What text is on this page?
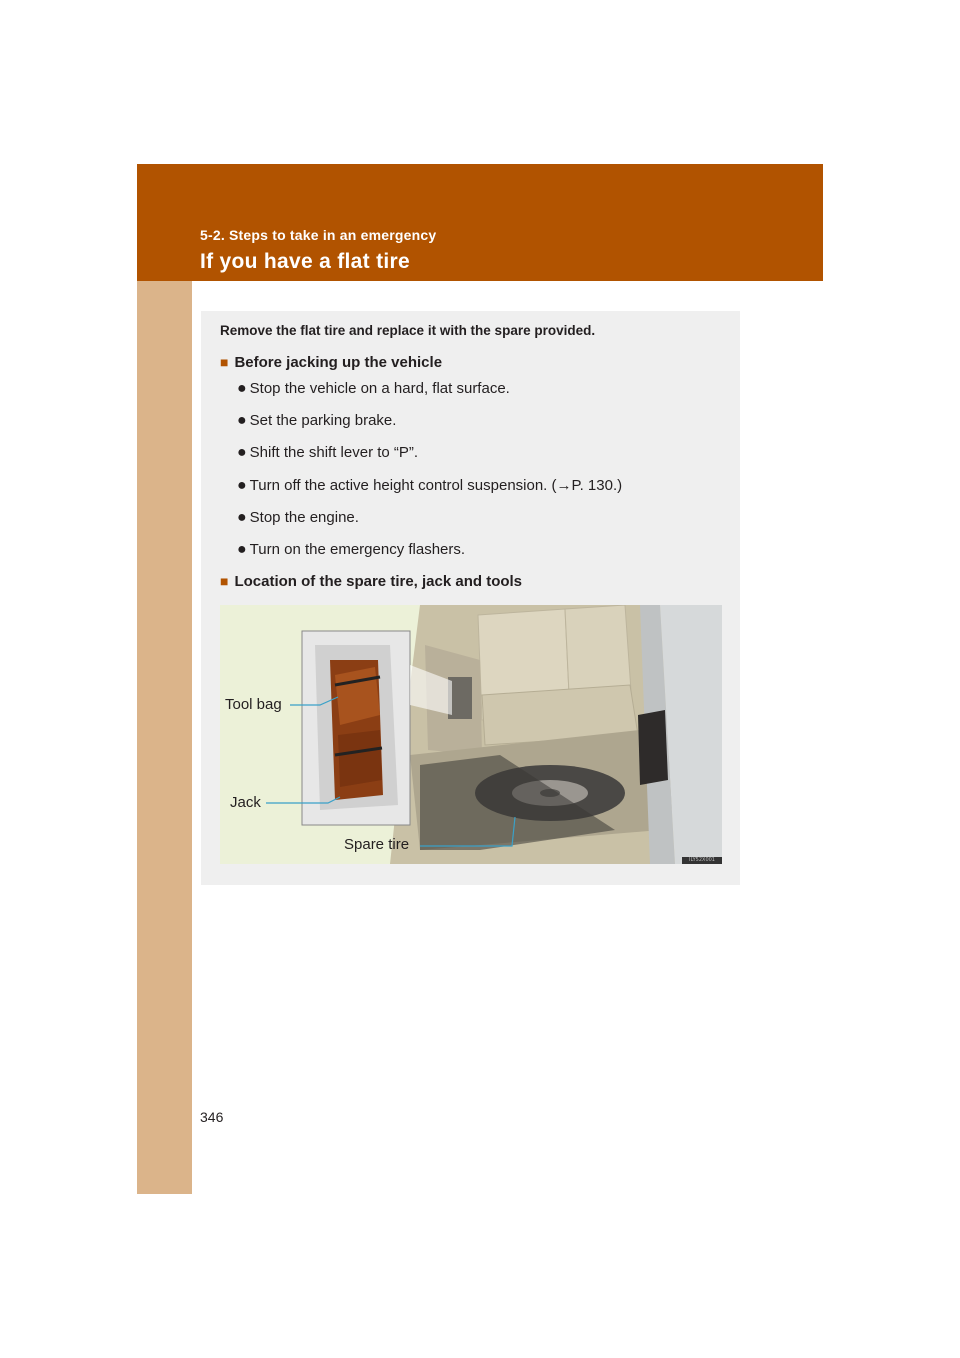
5-2. Steps to take in an emergency
If you have a flat tire
346
Remove the flat tire and replace it with the spare provided.
■ Before jacking up the vehicle
● Stop the vehicle on a hard, flat surface.
● Set the parking brake.
● Shift the shift lever to “P”.
● Turn off the active height control suspension. (→P. 130.)
● Stop the engine.
● Turn on the emergency flashers.
■ Location of the spare tire, jack and tools
Tool bag
Jack
Spare tire
ILY52X001
